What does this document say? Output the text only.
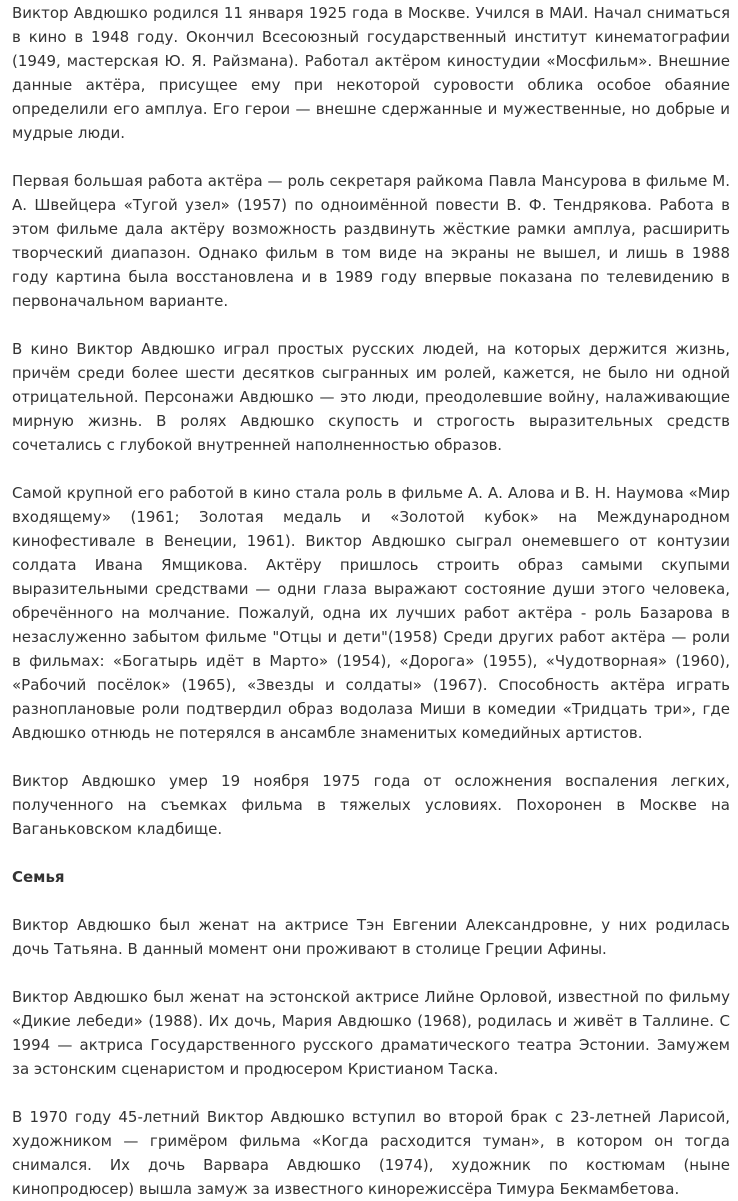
Виктор Авдюшко родился 11 января 1925 года в Москве. Учился в МАИ. Начал сниматься в кино в 1948 году. Окончил Всесоюзный государственный институт кинематографии (1949, мастерская Ю. Я. Райзмана). Работал актёром киностудии «Мосфильм». Внешние данные актёра, присущее ему при некоторой суровости облика особое обаяние определили его амплуа. Его герои — внешне сдержанные и мужественные, но добрые и мудрые люди.

Первая большая работа актёра — роль секретаря райкома Павла Мансурова в фильме М. А. Швейцера «Тугой узел» (1957) по одноимённой повести В. Ф. Тендрякова. Работа в этом фильме дала актёру возможность раздвинуть жёсткие рамки амплуа, расширить творческий диапазон. Однако фильм в том виде на экраны не вышел, и лишь в 1988 году картина была восстановлена и в 1989 году впервые показана по телевидению в первоначальном варианте.

В кино Виктор Авдюшко играл простых русских людей, на которых держится жизнь, причём среди более шести десятков сыгранных им ролей, кажется, не было ни одной отрицательной. Персонажи Авдюшко — это люди, преодолевшие войну, налаживающие мирную жизнь. В ролях Авдюшко скупость и строгость выразительных средств сочетались с глубокой внутренней наполненностью образов.

Самой крупной его работой в кино стала роль в фильме А. А. Алова и В. Н. Наумова «Мир входящему» (1961; Золотая медаль и «Золотой кубок» на Международном кинофестивале в Венеции, 1961). Виктор Авдюшко сыграл онемевшего от контузии солдата Ивана Ямщикова. Актёру пришлось строить образ самыми скупыми выразительными средствами — одни глаза выражают состояние души этого человека, обречённого на молчание. Пожалуй, одна их лучших работ актёра - роль Базарова в незаслуженно забытом фильме "Отцы и дети"(1958) Среди других работ актёра — роли в фильмах: «Богатырь идёт в Марто» (1954), «Дорога» (1955), «Чудотворная» (1960), «Рабочий посёлок» (1965), «Звезды и солдаты» (1967). Способность актёра играть разноплановые роли подтвердил образ водолаза Миши в комедии «Тридцать три», где Авдюшко отнюдь не потерялся в ансамбле знаменитых комедийных артистов.

Виктор Авдюшко умер 19 ноября 1975 года от осложнения воспаления легких, полученного на съемках фильма в тяжелых условиях. Похоронен в Москве на Ваганьковском кладбище.

Семья

Виктор Авдюшко был женат на актрисе Тэн Евгении Александровне, у них родилась дочь Татьяна. В данный момент они проживают в столице Греции Афины.

Виктор Авдюшко был женат на эстонской актрисе Лийне Орловой, известной по фильму «Дикие лебеди» (1988). Их дочь, Мария Авдюшко (1968), родилась и живёт в Таллине. С 1994 — актриса Государственного русского драматического театра Эстонии. Замужем за эстонским сценаристом и продюсером Кристианом Таска.

В 1970 году 45-летний Виктор Авдюшко вступил во второй брак с 23-летней Ларисой, художником — гримёром фильма «Когда расходится туман», в котором он тогда снимался. Их дочь Варвара Авдюшко (1974), художник по костюмам (ныне кинопродюсер) вышла замуж за известного кинорежиссёра Тимура Бекмамбетова.
